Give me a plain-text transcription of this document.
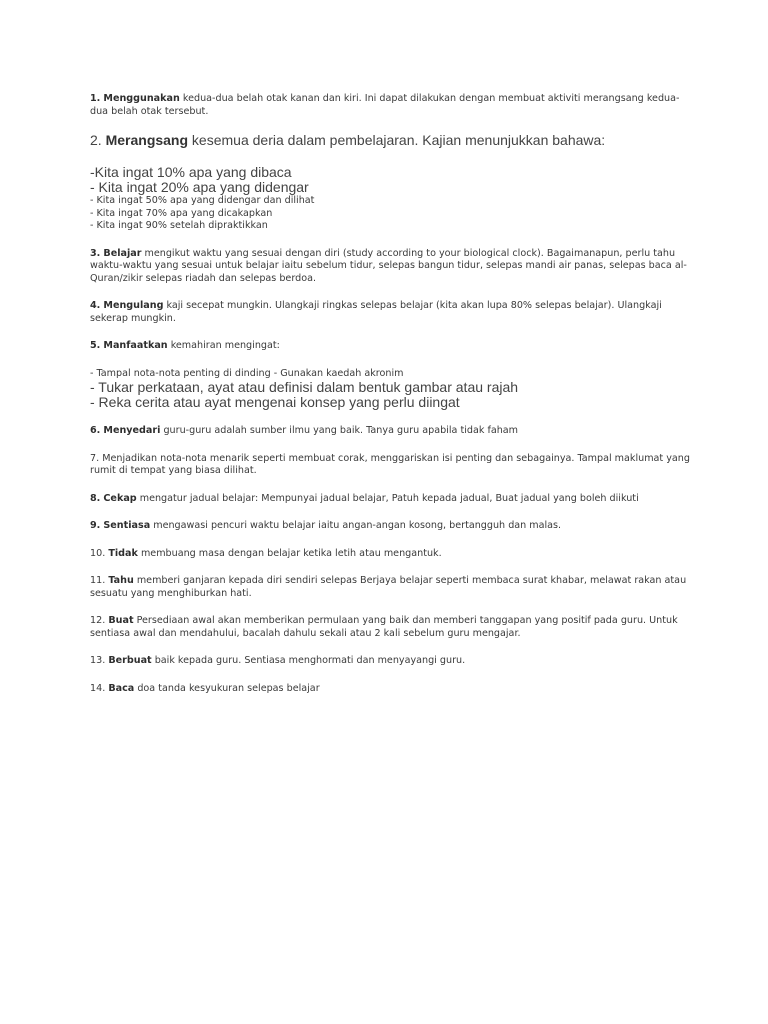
1. Menggunakan kedua-dua belah otak kanan dan kiri. Ini dapat dilakukan dengan membuat aktiviti merangsang kedua-dua belah otak tersebut.

2. Merangsang kesemua deria dalam pembelajaran. Kajian menunjukkan bahawa:

-Kita ingat 10% apa yang dibaca
- Kita ingat 20% apa yang didengar
- Kita ingat 50% apa yang didengar dan dilihat
- Kita ingat 70% apa yang dicakapkan
- Kita ingat 90% setelah dipraktikkan

3. Belajar mengikut waktu yang sesuai dengan diri (study according to your biological clock). Bagaimanapun, perlu tahu waktu-waktu yang sesuai untuk belajar iaitu sebelum tidur, selepas bangun tidur, selepas mandi air panas, selepas baca al-Quran/zikir selepas riadah dan selepas berdoa.

4. Mengulang kaji secepat mungkin. Ulangkaji ringkas selepas belajar (kita akan lupa 80% selepas belajar). Ulangkaji sekerap mungkin.

5. Manfaatkan kemahiran mengingat:

- Tampal nota-nota penting di dinding - Gunakan kaedah akronim
- Tukar perkataan, ayat atau definisi dalam bentuk gambar atau rajah
- Reka cerita atau ayat mengenai konsep yang perlu diingat

6. Menyedari guru-guru adalah sumber ilmu yang baik. Tanya guru apabila tidak faham

7. Menjadikan nota-nota menarik seperti membuat corak, menggariskan isi penting dan sebagainya. Tampal maklumat yang rumit di tempat yang biasa dilihat.

8. Cekap mengatur jadual belajar: Mempunyai jadual belajar, Patuh kepada jadual, Buat jadual yang boleh diikuti

9. Sentiasa mengawasi pencuri waktu belajar iaitu angan-angan kosong, bertangguh dan malas.

10. Tidak membuang masa dengan belajar ketika letih atau mengantuk.

11. Tahu memberi ganjaran kepada diri sendiri selepas Berjaya belajar seperti membaca surat khabar, melawat rakan atau sesuatu yang menghiburkan hati.

12. Buat Persediaan awal akan memberikan permulaan yang baik dan memberi tanggapan yang positif pada guru. Untuk sentiasa awal dan mendahului, bacalah dahulu sekali atau 2 kali sebelum guru mengajar.

13. Berbuat baik kepada guru. Sentiasa menghormati dan menyayangi guru.

14. Baca doa tanda kesyukuran selepas belajar
